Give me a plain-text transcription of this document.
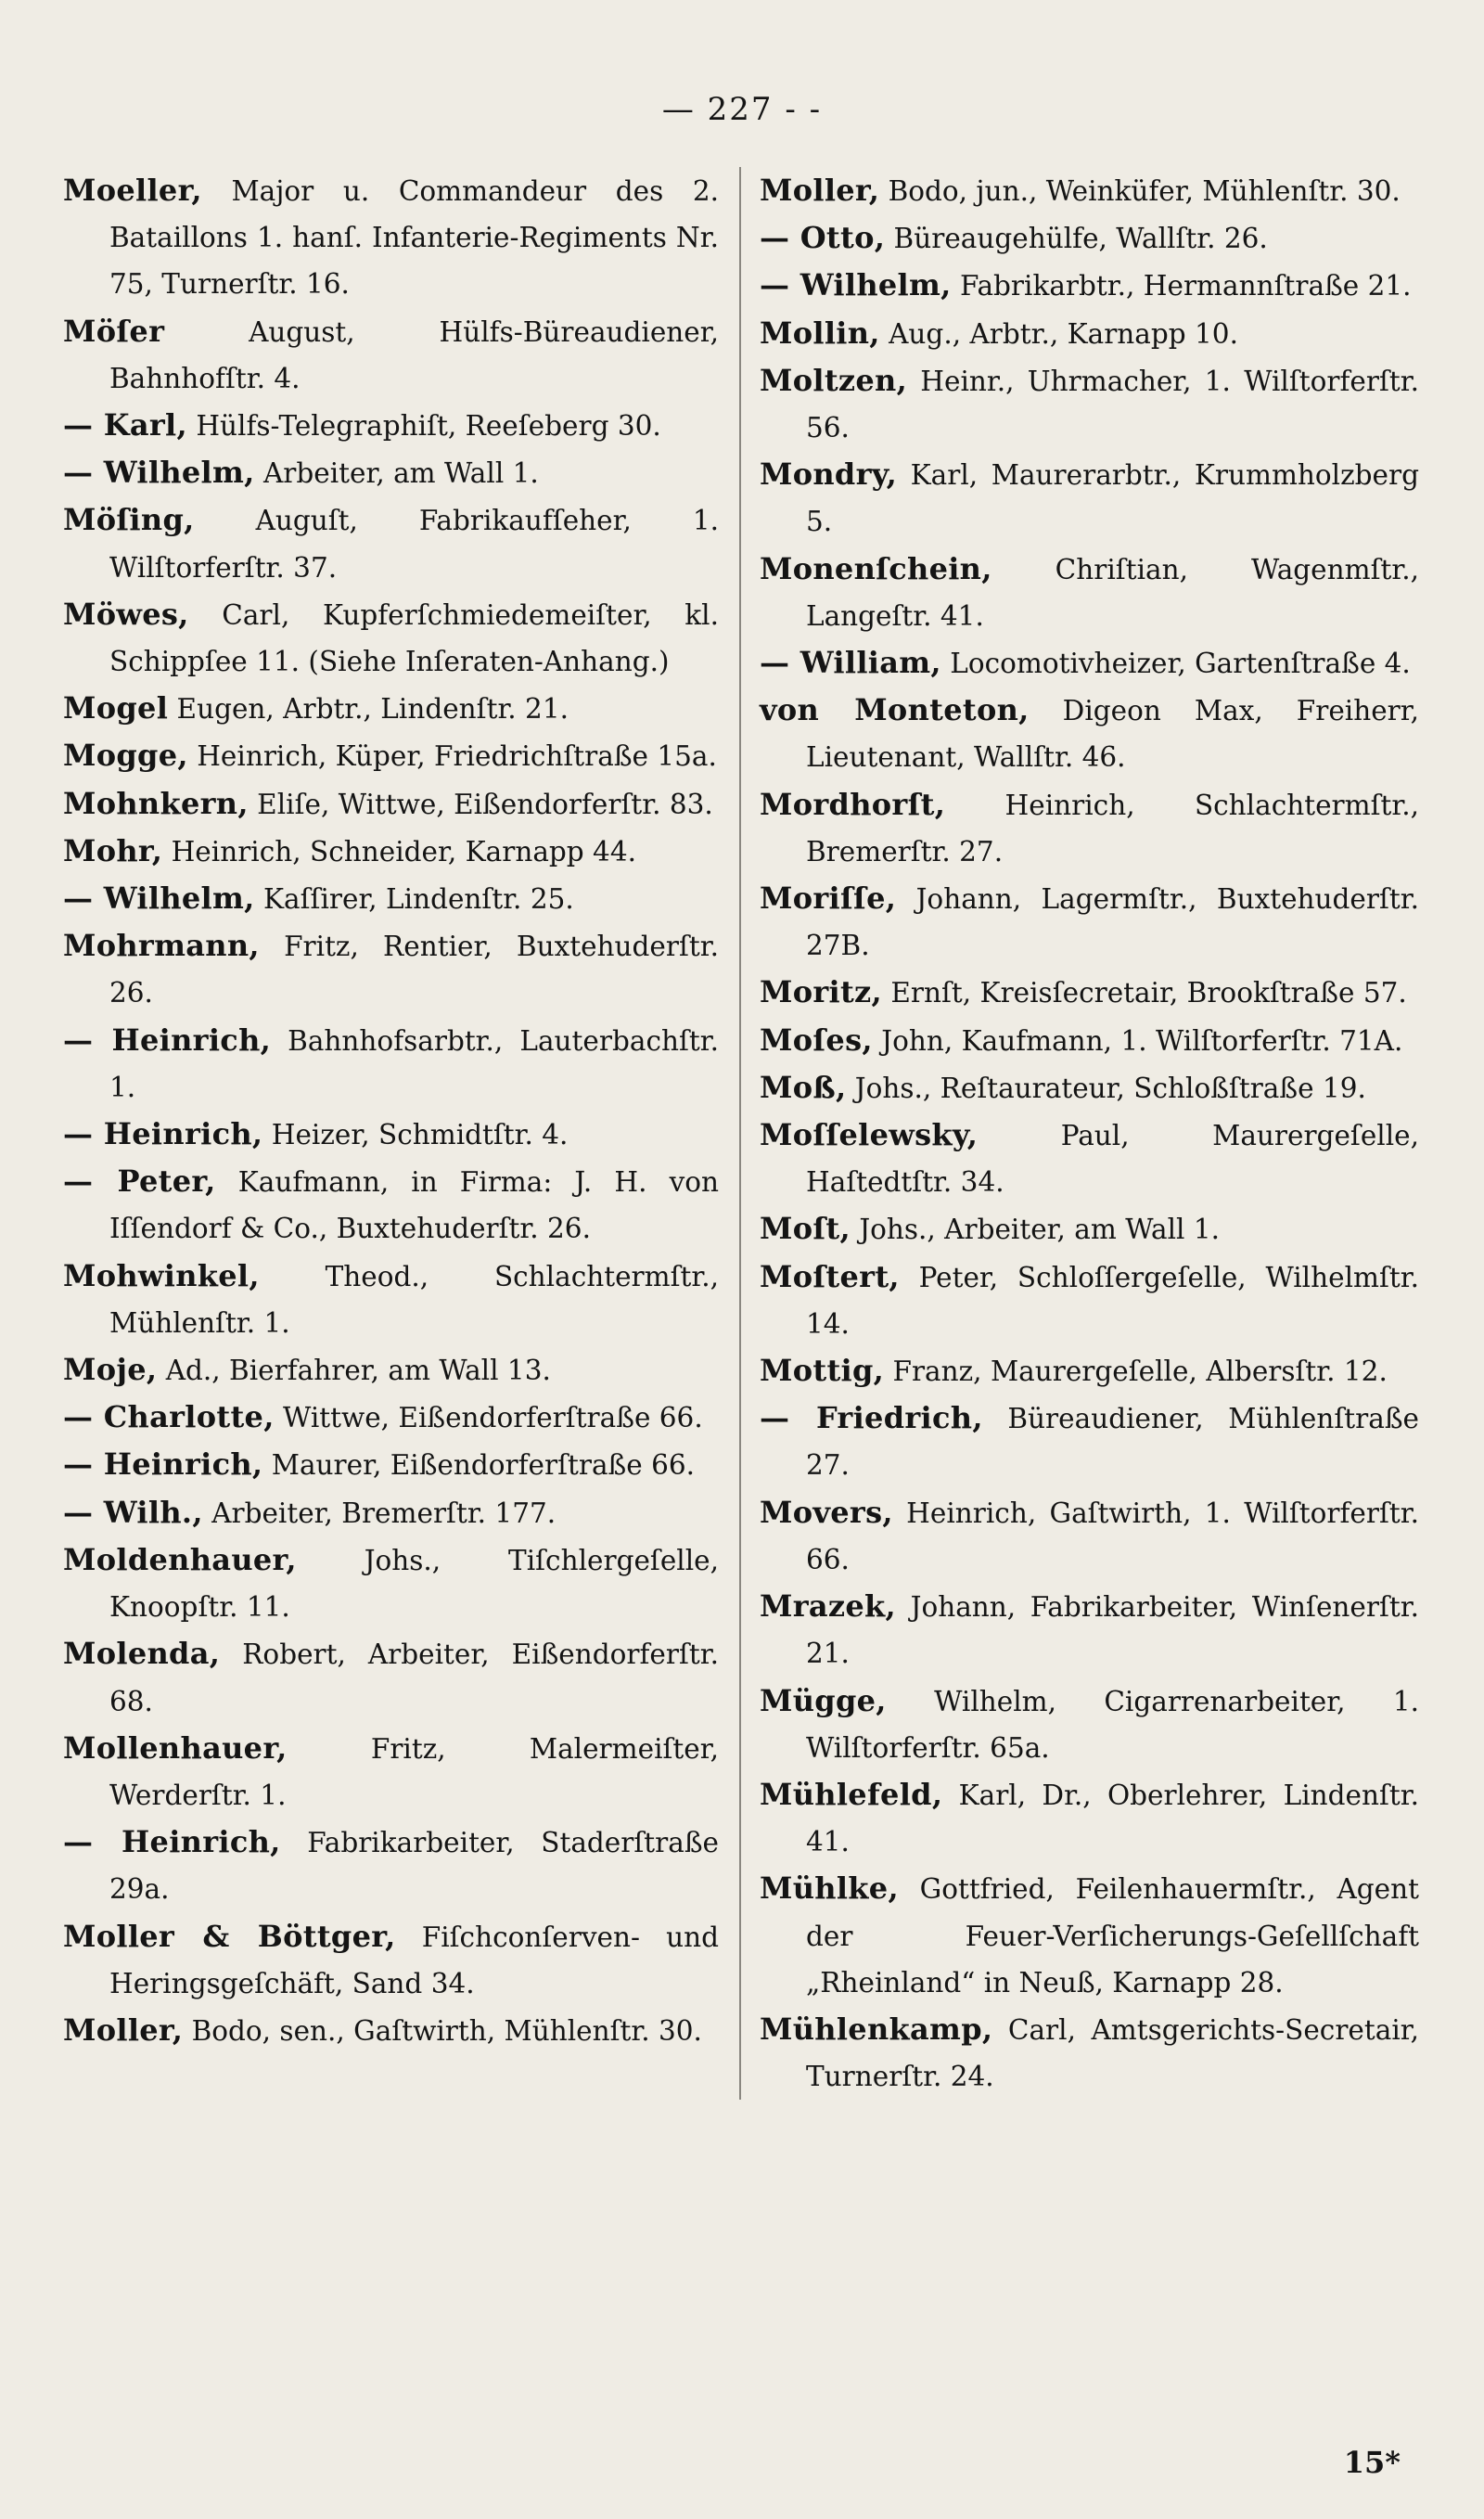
— 227 - -

Moeller, Major u. Commandeur des 2. Bataillons 1. hanſ. Infanterie-Regiments Nr. 75, Turnerſtr. 16.

Möſer August, Hülfs-Büreaudiener, Bahnhofſtr. 4.

— Karl, Hülfs-Telegraphiſt, Reeſeberg 30.

— Wilhelm, Arbeiter, am Wall 1.

Möſing, Auguſt, Fabrikaufſeher, 1. Wilſtorferſtr. 37.

Möwes, Carl, Kupferſchmiedemeiſter, kl. Schippſee 11. (Siehe Inſeraten-Anhang.)

Mogel Eugen, Arbtr., Lindenſtr. 21.

Mogge, Heinrich, Küper, Friedrichſtraße 15a.

Mohnkern, Eliſe, Wittwe, Eißendorferſtr. 83.

Mohr, Heinrich, Schneider, Karnapp 44.

— Wilhelm, Kaſſirer, Lindenſtr. 25.

Mohrmann, Fritz, Rentier, Buxtehuderſtr. 26.

— Heinrich, Bahnhofsarbtr., Lauterbachſtr. 1.

— Heinrich, Heizer, Schmidtſtr. 4.

— Peter, Kaufmann, in Firma: J. H. von Iſſendorf & Co., Buxtehuderſtr. 26.

Mohwinkel, Theod., Schlachtermſtr., Mühlenſtr. 1.

Moje, Ad., Bierfahrer, am Wall 13.

— Charlotte, Wittwe, Eißendorferſtraße 66.

— Heinrich, Maurer, Eißendorferſtraße 66.

— Wilh., Arbeiter, Bremerſtr. 177.

Moldenhauer, Johs., Tiſchlergeſelle, Knoopſtr. 11.

Molenda, Robert, Arbeiter, Eißendorferſtr. 68.

Mollenhauer, Fritz, Malermeiſter, Werderſtr. 1.

— Heinrich, Fabrikarbeiter, Staderſtraße 29a.

Moller & Böttger, Fiſchconſerven- und Heringsgeſchäft, Sand 34.

Moller, Bodo, sen., Gaſtwirth, Mühlenſtr. 30.

Moller, Bodo, jun., Weinküfer, Mühlenſtr. 30.

— Otto, Büreaugehülfe, Wallſtr. 26.

— Wilhelm, Fabrikarbtr., Hermannſtraße 21.

Mollin, Aug., Arbtr., Karnapp 10.

Moltzen, Heinr., Uhrmacher, 1. Wilſtorferſtr. 56.

Mondry, Karl, Maurerarbtr., Krummholzberg 5.

Monenſchein, Chriſtian, Wagenmſtr., Langeſtr. 41.

— William, Locomotivheizer, Gartenſtraße 4.

von Monteton, Digeon Max, Freiherr, Lieutenant, Wallſtr. 46.

Mordhorſt, Heinrich, Schlachtermſtr., Bremerſtr. 27.

Moriſſe, Johann, Lagermſtr., Buxtehuderſtr. 27B.

Moritz, Ernſt, Kreisſecretair, Brookſtraße 57.

Moſes, John, Kaufmann, 1. Wilſtorferſtr. 71A.

Moß, Johs., Reſtaurateur, Schloßſtraße 19.

Moſſelewsky, Paul, Maurergeſelle, Haſtedtſtr. 34.

Moſt, Johs., Arbeiter, am Wall 1.

Moſtert, Peter, Schloſſergeſelle, Wilhelmſtr. 14.

Mottig, Franz, Maurergeſelle, Albersſtr. 12.

— Friedrich, Büreaudiener, Mühlenſtraße 27.

Movers, Heinrich, Gaſtwirth, 1. Wilſtorferſtr. 66.

Mrazek, Johann, Fabrikarbeiter, Winſenerſtr. 21.

Mügge, Wilhelm, Cigarrenarbeiter, 1. Wilſtorferſtr. 65a.

Mühlefeld, Karl, Dr., Oberlehrer, Lindenſtr. 41.

Mühlke, Gottfried, Feilenhauermſtr., Agent der Feuer-Verſicherungs-Geſellſchaft „Rheinland“ in Neuß, Karnapp 28.

Mühlenkamp, Carl, Amtsgerichts-Secretair, Turnerſtr. 24.

15*
